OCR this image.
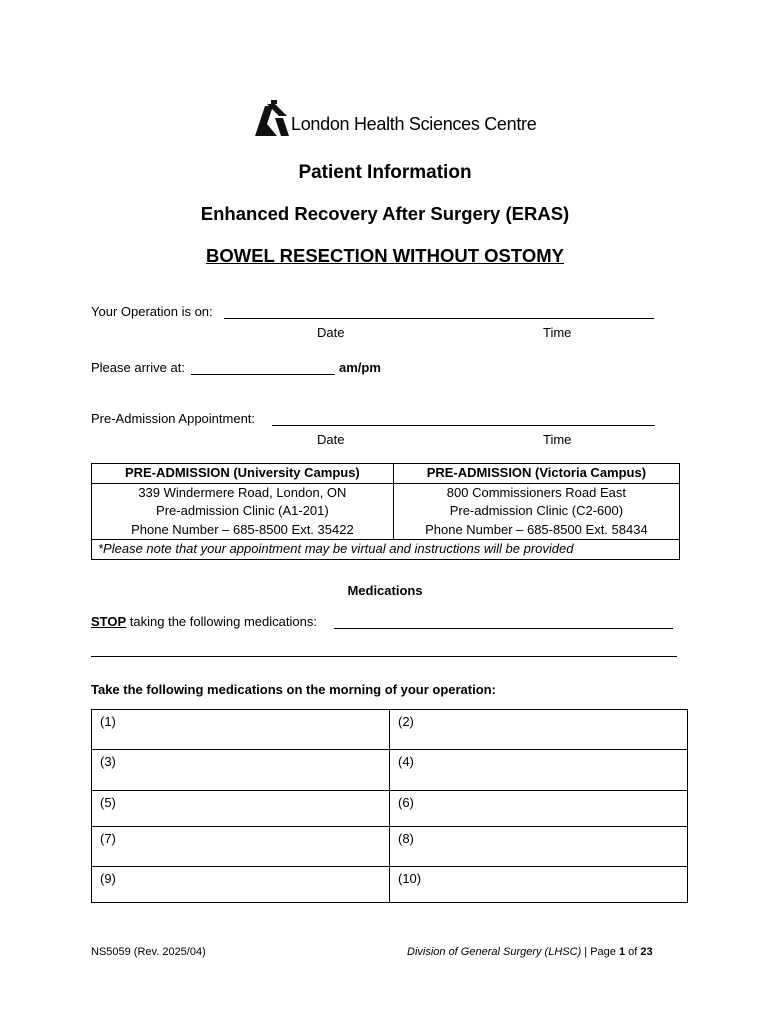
London Health Sciences Centre
Patient Information
Enhanced Recovery After Surgery (ERAS)
BOWEL RESECTION WITHOUT OSTOMY
Your Operation is on:
Date	Time
Please arrive at:	am/pm
Pre-Admission Appointment:
Date	Time
PRE-ADMISSION (University Campus)	PRE-ADMISSION (Victoria Campus)
339 Windermere Road, London, ON	800 Commissioners Road East
Pre-admission Clinic (A1-201)	Pre-admission Clinic (C2-600)
Phone Number – 685-8500 Ext. 35422	Phone Number – 685-8500 Ext. 58434
*Please note that your appointment may be virtual and instructions will be provided	
Medications
STOP taking the following medications:
Take the following medications on the morning of your operation:
(1)	(2)
(3)	(4)
(5)	(6)
(7)	(8)
(9)	(10)
NS5059 (Rev. 2025/04)	Division of General Surgery (LHSC) | Page 1 of 23
